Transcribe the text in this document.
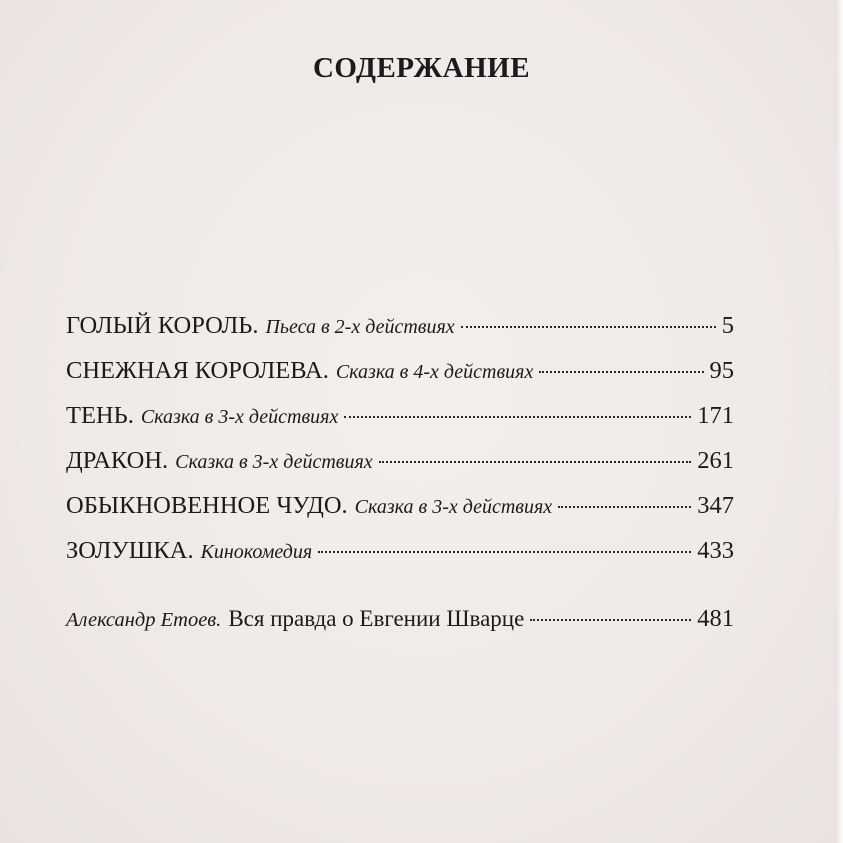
СОДЕРЖАНИЕ
ГОЛЫЙ КОРОЛЬ. Пьеса в 2-х действиях	5
СНЕЖНАЯ КОРОЛЕВА. Сказка в 4-х действиях	95
ТЕНЬ. Сказка в 3-х действиях	171
ДРАКОН. Сказка в 3-х действиях	261
ОБЫКНОВЕННОЕ ЧУДО. Сказка в 3-х действиях	347
ЗОЛУШКА. Кинокомедия	433
Александр Етоев. Вся правда о Евгении Шварце	481
